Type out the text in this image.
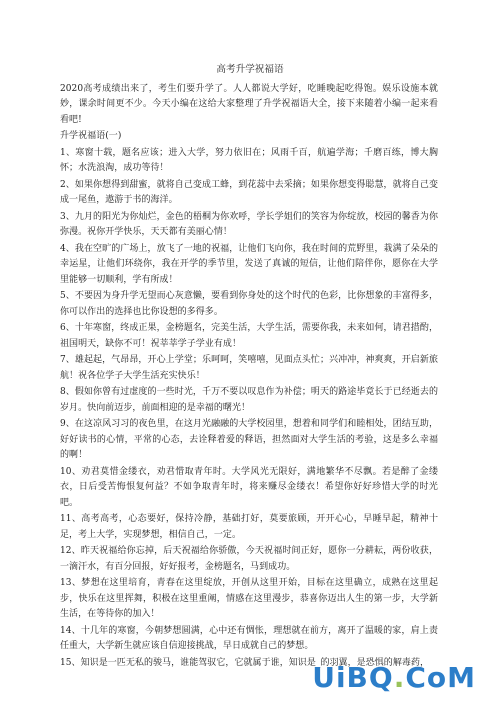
高考升学祝福语

2020高考成绩出来了，考生们要升学了。人人都说大学好，吃睡晚起吃得饱。娱乐设施本就妙，课余时间更不少。今天小编在这给大家整理了升学祝福语大全，接下来随着小编一起来看看吧!

升学祝福语(一)

1、寒窗十载，题名应该；进入大学，努力依旧在；风雨千百，航遍学海；千磨百练，博大胸怀；水洗浪淘，成功等待！

2、如果你想得到甜蜜，就将自己变成工蜂，到花蕊中去采摘；如果你想变得聪慧，就将自己变成一尾鱼，遨游于书的海洋。

3、九月的阳光为你灿烂，金色的梧桐为你欢呼，学长学姐们的笑容为你绽放，校园的馨香为你弥漫。祝你开学快乐，天天都有美丽心情！

4、我在空旷的广场上，放飞了一地的祝福，让他们飞向你，我在时间的荒野里，栽满了朵朵的幸运星，让他们环绕你，我在开学的季节里，发送了真诚的短信，让他们陪伴你，愿你在大学里能够一切顺利，学有所成！

5、不要因为身升学无望而心灰意懒，要看到你身处的这个时代的色彩，比你想象的丰富得多，你可以作出的选择也比你设想的多得多。

6、十年寒窗，终成正果，金榜题名，完美生活，大学生活，需要你我，未来如何，请君措酌，祖国明天，缺你不可！祝莘莘学子学业有成！

7、雄起起，气昂昂，开心上学堂；乐呵呵，笑嘻嘻，见面点头忙；兴冲冲，神爽爽，开启新旅航！祝各位学子大学生活充实快乐！

8、假如你曾有过虚度的一些时光，千万不要以叹息作为补偿；明天的路途毕竟长于已经逝去的岁月。快向前迈步，前面相迎的是幸福的曙光！

9、在这凉风习习的夜色里，在这月光融融的大学校园里，想着和同学们和睦相处，团结互助，好好读书的心情，平常的心态，去诠释着爱的释语，担然面对大学生活的考验，这是多么幸福的啊！

10、劝君莫惜金缕衣，劝君惜取青年时。大学风光无限好，满地繁华不尽飘。若是醉了金缕衣，日后受苦悔恨复何益？不如争取青年时，将来赚尽金缕衣！希望你好好珍惜大学的时光吧。

11、高考高考，心态要好，保持冷静，基础打好，莫要旅顾，开开心心，早睡早起，精神十足，考上大学，实现梦想，相信自己，一定。

12、昨天祝福给你忘掉，后天祝福给你骄傲，今天祝福时间正好，愿你一分耕耘，两份收获，一滴汗水，有百分回报，好好报考，金榜题名，马到成功。

13、梦想在这里培育，青春在这里绽放，开创从这里开始，目标在这里确立，成熟在这里起步，快乐在这里挥舞，积极在这里重阐，情感在这里漫步，恭喜你迈出人生的第一步，大学新生活，在等待你的加入！

14、十几年的寒窗，今朝梦想圆满，心中还有惆怅，理想就在前方，离开了温暖的家，肩上责任重大，大学新生就应该自信迎接挑战，早日成就自己的梦想。

15、知识是一匹无私的骏马，谁能驾驭它，它就属于谁，知识是_的羽翼，是恐惧的解毒药，

UiBQ.CoM
